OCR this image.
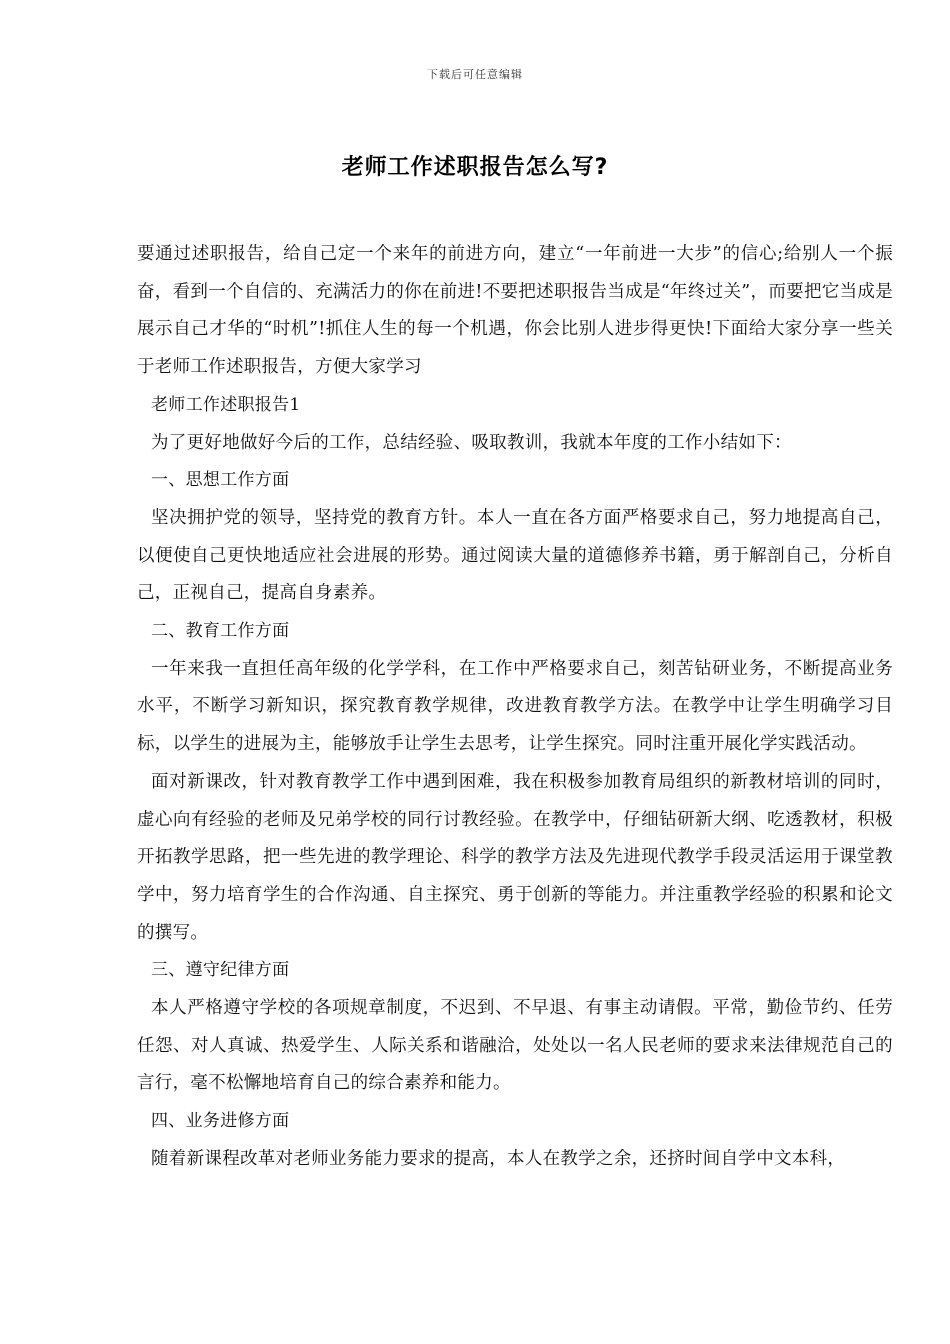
下载后可任意编辑
老师工作述职报告怎么写?

要通过述职报告，给自己定一个来年的前进方向，建立“一年前进一大步”的信心;给别人一个振奋，看到一个自信的、充满活力的你在前进!不要把述职报告当成是“年终过关”，而要把它当成是展示自己才华的“时机”!抓住人生的每一个机遇，你会比别人进步得更快!下面给大家分享一些关于老师工作述职报告，方便大家学习

老师工作述职报告1

为了更好地做好今后的工作，总结经验、吸取教训，我就本年度的工作小结如下：

一、思想工作方面

坚决拥护党的领导，坚持党的教育方针。本人一直在各方面严格要求自己，努力地提高自己，以便使自己更快地适应社会进展的形势。通过阅读大量的道德修养书籍，勇于解剖自己，分析自己，正视自己，提高自身素养。

二、教育工作方面

一年来我一直担任高年级的化学学科，在工作中严格要求自己，刻苦钻研业务，不断提高业务水平，不断学习新知识，探究教育教学规律，改进教育教学方法。在教学中让学生明确学习目标，以学生的进展为主，能够放手让学生去思考，让学生探究。同时注重开展化学实践活动。

面对新课改，针对教育教学工作中遇到困难，我在积极参加教育局组织的新教材培训的同时，虚心向有经验的老师及兄弟学校的同行讨教经验。在教学中，仔细钻研新大纲、吃透教材，积极开拓教学思路，把一些先进的教学理论、科学的教学方法及先进现代教学手段灵活运用于课堂教学中，努力培育学生的合作沟通、自主探究、勇于创新的等能力。并注重教学经验的积累和论文的撰写。

三、遵守纪律方面

本人严格遵守学校的各项规章制度，不迟到、不早退、有事主动请假。平常，勤俭节约、任劳任怨、对人真诚、热爱学生、人际关系和谐融洽，处处以一名人民老师的要求来法律规范自己的言行，毫不松懈地培育自己的综合素养和能力。

四、业务进修方面

随着新课程改革对老师业务能力要求的提高，本人在教学之余，还挤时间自学中文本科，
